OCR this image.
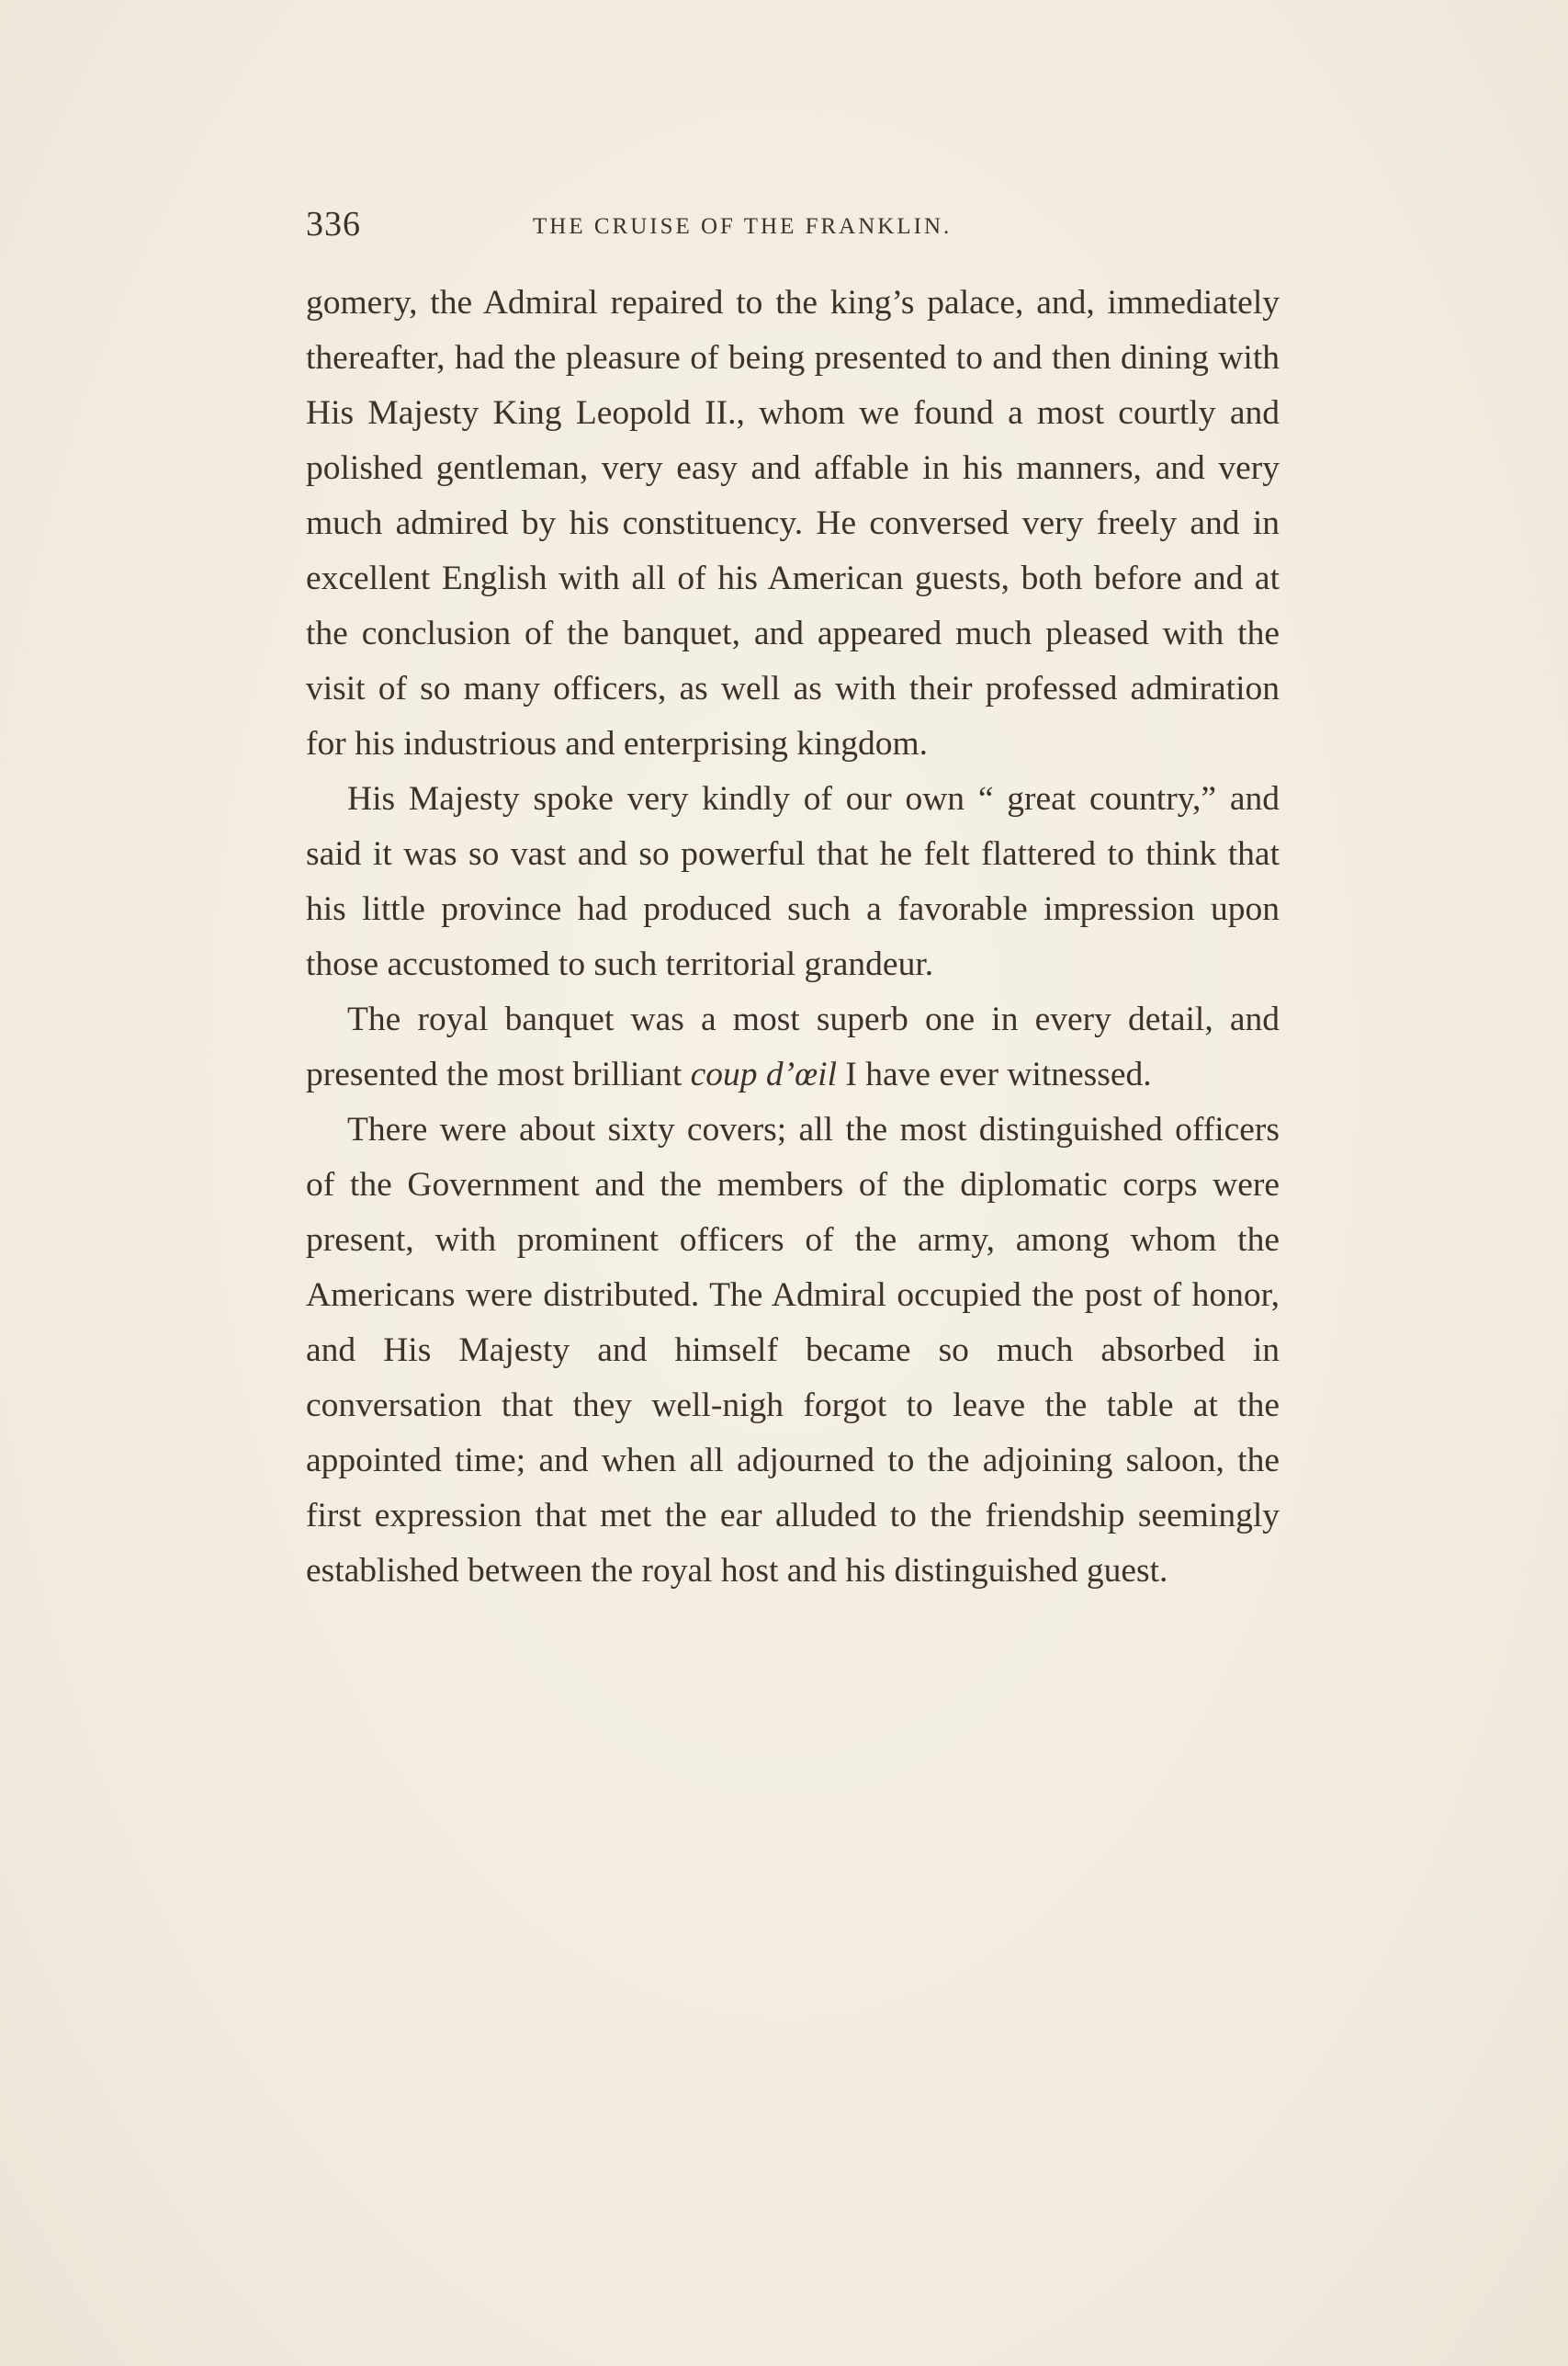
336	THE CRUISE OF THE FRANKLIN.

gomery, the Admiral repaired to the king’s palace, and, immediately thereafter, had the pleasure of being presented to and then dining with His Majesty King Leopold II., whom we found a most courtly and polished gentleman, very easy and affable in his manners, and very much admired by his constituency. He conversed very freely and in excellent English with all of his American guests, both before and at the conclusion of the banquet, and appeared much pleased with the visit of so many officers, as well as with their professed admiration for his industrious and enterprising kingdom.

His Majesty spoke very kindly of our own “ great country,” and said it was so vast and so powerful that he felt flattered to think that his little province had produced such a favorable impression upon those accustomed to such territorial grandeur.

The royal banquet was a most superb one in every detail, and presented the most brilliant coup d’œil I have ever witnessed.

There were about sixty covers; all the most distinguished officers of the Government and the members of the diplomatic corps were present, with prominent officers of the army, among whom the Americans were distributed. The Admiral occupied the post of honor, and His Majesty and himself became so much absorbed in conversation that they well-nigh forgot to leave the table at the appointed time; and when all adjourned to the adjoining saloon, the first expression that met the ear alluded to the friendship seemingly established between the royal host and his distinguished guest.
